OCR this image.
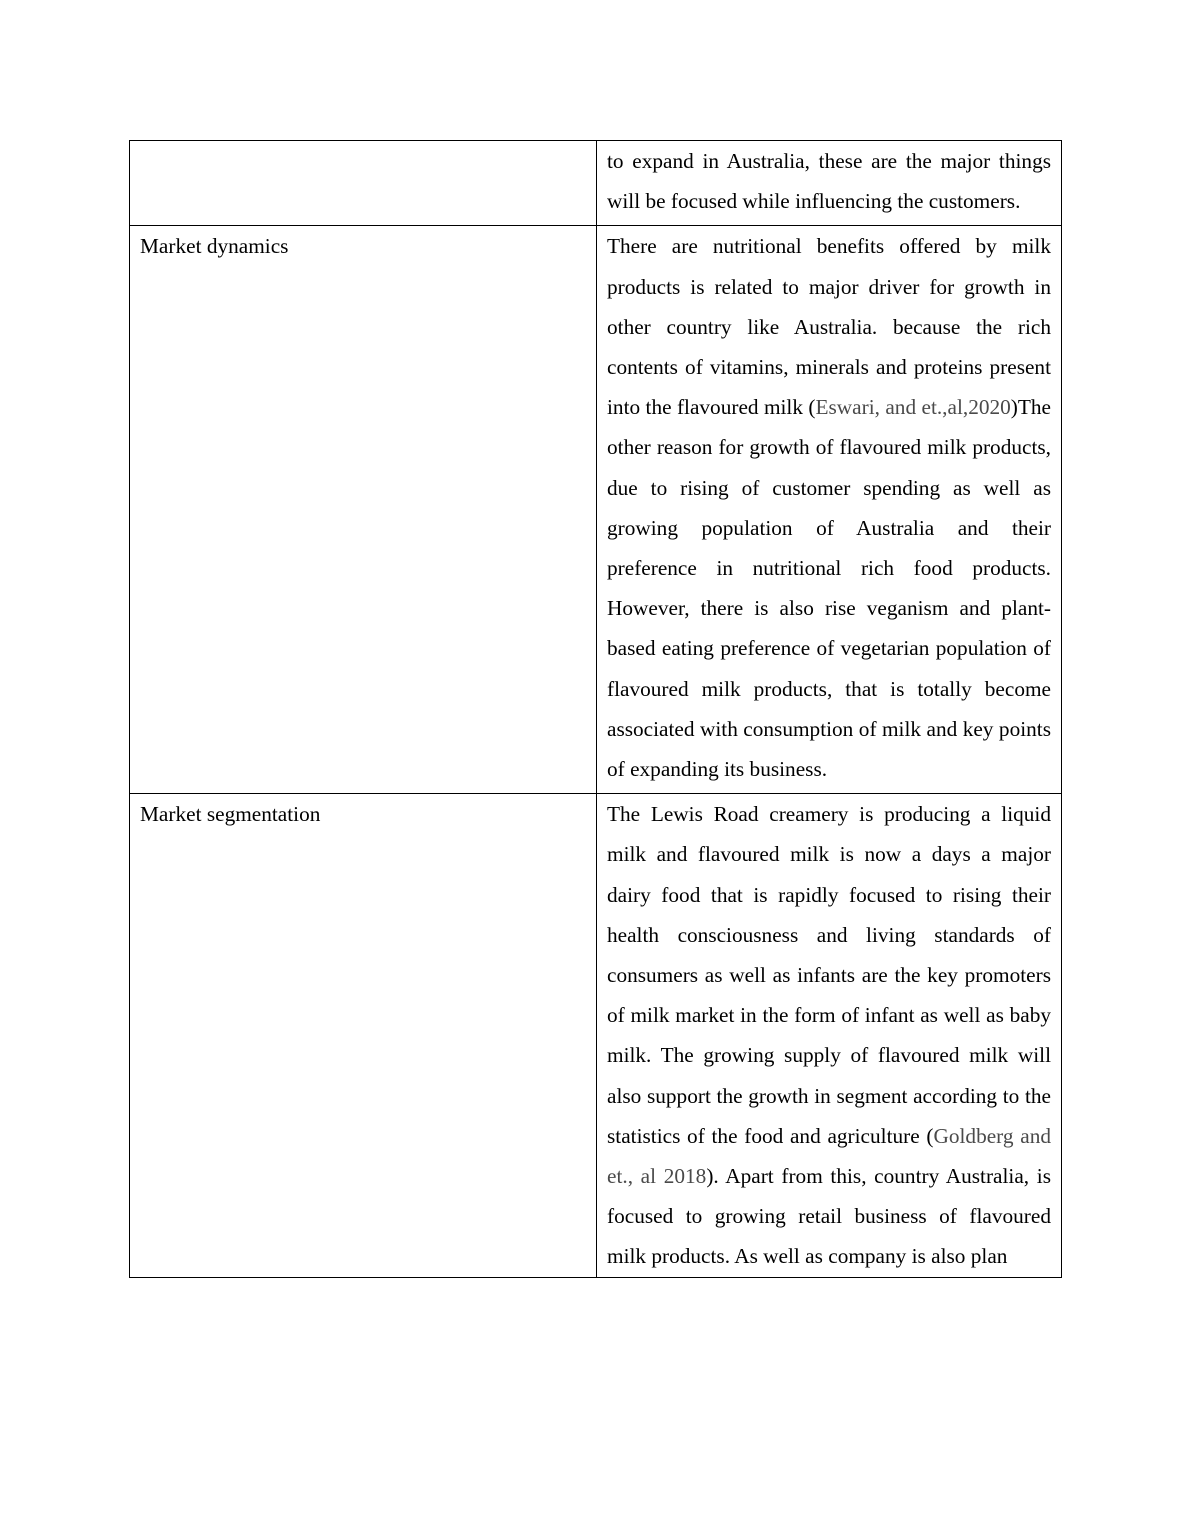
	to expand in Australia, these are the major things will be focused while influencing the customers.

Market dynamics	There are nutritional benefits offered by milk products is related to major driver for growth in other country like Australia. because the rich contents of vitamins, minerals and proteins present into the flavoured milk (Eswari, and et.,al,2020)The other reason for growth of flavoured milk products, due to rising of customer spending as well as growing population of Australia and their preference in nutritional rich food products. However, there is also rise veganism and plant- based eating preference of vegetarian population of flavoured milk products, that is totally become associated with consumption of milk and key points of expanding its business.

Market segmentation	The Lewis Road creamery is producing a liquid milk and flavoured milk is now a days a major dairy food that is rapidly focused to rising their health consciousness and living standards of consumers as well as infants are the key promoters of milk market in the form of infant as well as baby milk. The growing supply of flavoured milk will also support the growth in segment according to the statistics of the food and agriculture (Goldberg and et., al 2018). Apart from this, country Australia, is focused to growing retail business of flavoured milk products. As well as company is also plan
